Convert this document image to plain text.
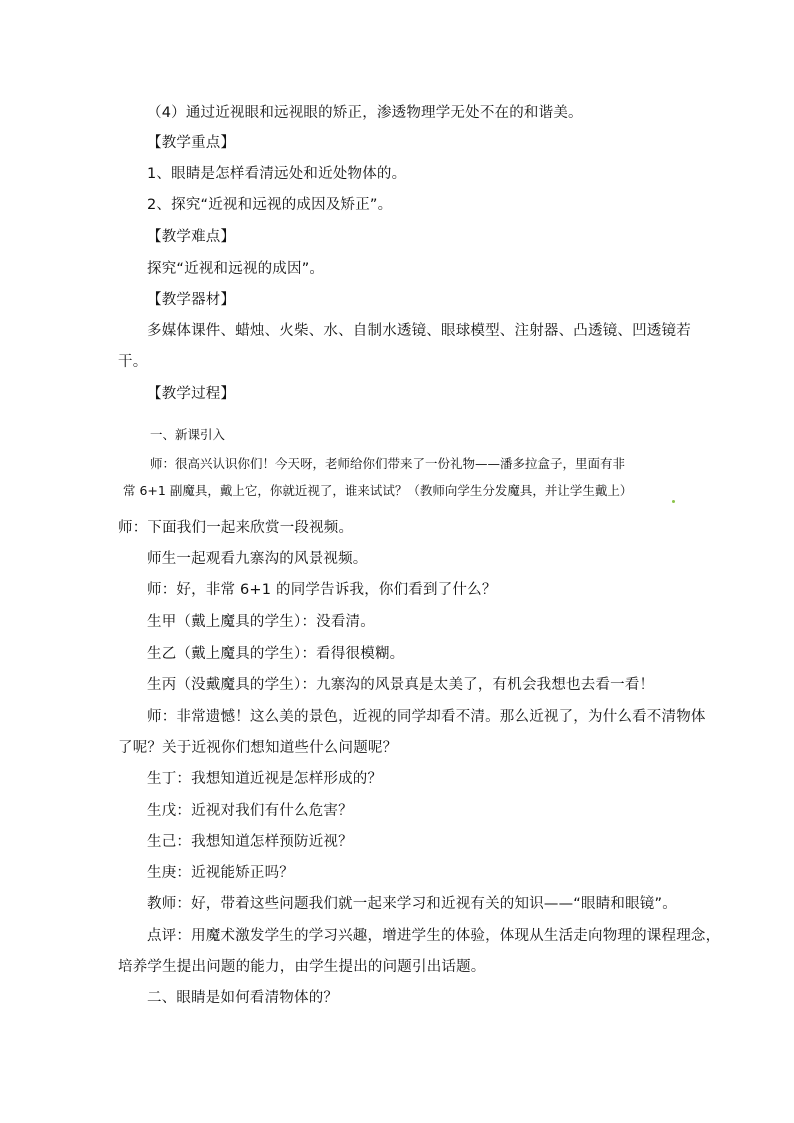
（4）通过近视眼和远视眼的矫正，渗透物理学无处不在的和谐美。
【教学重点】
1、眼睛是怎样看清远处和近处物体的。
2、探究“近视和远视的成因及矫正”。
【教学难点】
探究“近视和远视的成因”。
【教学器材】
多媒体课件、蜡烛、火柴、水、自制水透镜、眼球模型、注射器、凸透镜、凹透镜若
干。
【教学过程】
一、新课引入
师：很高兴认识你们！今天呀，老师给你们带来了一份礼物——潘多拉盒子，里面有非
常 6+1 副魔具，戴上它，你就近视了，谁来试试？（教师向学生分发魔具，并让学生戴上）
师：下面我们一起来欣赏一段视频。
师生一起观看九寨沟的风景视频。
师：好，非常 6+1 的同学告诉我，你们看到了什么？
生甲（戴上魔具的学生）：没看清。
生乙（戴上魔具的学生）：看得很模糊。
生丙（没戴魔具的学生）：九寨沟的风景真是太美了，有机会我想也去看一看！
师：非常遗憾！这么美的景色，近视的同学却看不清。那么近视了，为什么看不清物体
了呢？关于近视你们想知道些什么问题呢？
生丁：我想知道近视是怎样形成的？
生戊：近视对我们有什么危害？
生己：我想知道怎样预防近视？
生庚：近视能矫正吗？
教师：好，带着这些问题我们就一起来学习和近视有关的知识——“眼睛和眼镜”。
点评：用魔术激发学生的学习兴趣，增进学生的体验，体现从生活走向物理的课程理念，
培养学生提出问题的能力，由学生提出的问题引出话题。
二、眼睛是如何看清物体的？
